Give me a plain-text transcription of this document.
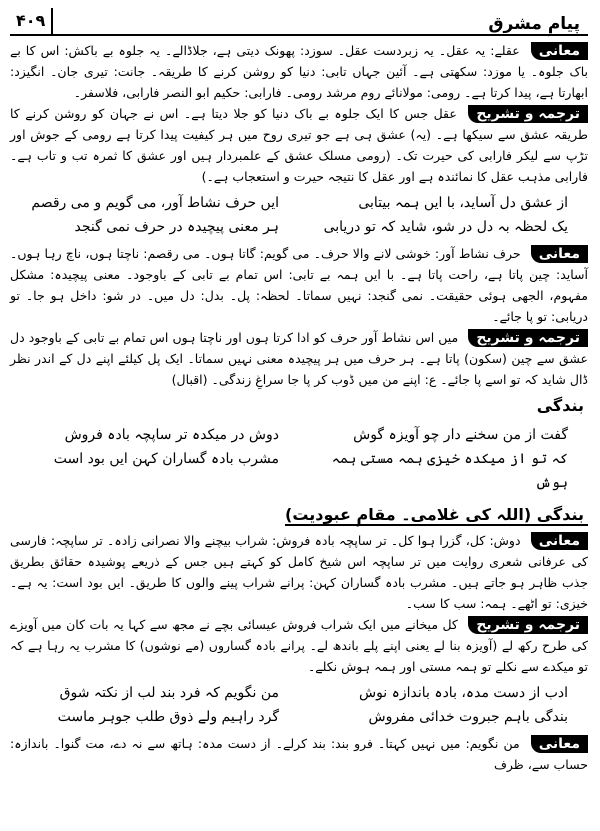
پیامِ مشرق
۴۰۹

معانی عقلے: یہ عقل۔ یہ زبردست عقل۔ سوزد: پھونک دیتی ہے، جلاڈالے۔ یہ جلوہ بے باکش: اس کا بے باک جلوہ۔ یا موزد: سکھتی ہے۔ آئین جہاں تابی: دنیا کو روشن کرنے کا طریقہ۔ جانت: تیری جان۔ انگیزد: ابھارتا ہے، پیدا کرتا ہے۔ رومی: مولانائے روم مرشد رومی۔ فارابی: حکیم ابو النصر فارابی، فلاسفر۔

ترجمہ و تشریح عقل جس کا ایک جلوہ بے باک دنیا کو جلا دیتا ہے۔ اس نے جہان کو روشن کرنے کا طریقہ عشق سے سیکھا ہے۔ (یہ) عشق ہی ہے جو تیری روح میں ہر کیفیت پیدا کرتا ہے رومی کے جوش اور تڑپ سے لیکر فارابی کی حیرت تک۔ (رومی مسلک عشق کے علمبردار ہیں اور عشق کا ثمرہ تب و تاب ہے۔ فارابی مذہب عقل کا نمائندہ ہے اور عقل کا نتیجہ حیرت و استعجاب ہے۔)

از عشق دل آساید، با ایں ہمہ بیتابی
ایں حرف نشاط آور، می گویم و می رقصم
یک لحظہ بہ دل در شو، شاید کہ تو دریابی
ہر معنی پیچیدہ در حرف نمی گنجد

معانی حرف نشاط آور: خوشی لانے والا حرف۔ می گویم: گاتا ہوں۔ می رقصم: ناچتا ہوں، ناچ رہا ہوں۔ آساید: چین پاتا ہے، راحت پاتا ہے۔ با ایں ہمہ بے تابی: اس تمام بے تابی کے باوجود۔ معنی پیچیدہ: مشکل مفہوم، الجھی ہوئی حقیقت۔ نمی گنجد: نہیں سماتا۔ لحظہ: پل۔ بدل: دل میں۔ در شو: داخل ہو جا۔ تو دریابی: تو پا جائے۔

ترجمہ و تشریح میں اس نشاط آور حرف کو ادا کرتا ہوں اور ناچتا ہوں اس تمام بے تابی کے باوجود دل عشق سے چین (سکون) پاتا ہے۔ ہر حرف میں ہر پیچیدہ معنی نہیں سماتا۔ ایک پل کیلئے اپنے دل کے اندر نظر ڈال شاید کہ تو اسے پا جائے۔ ع: اپنے من میں ڈوب کر پا جا سراغِ زندگی۔ (اقبال)

بندگی
گفت از من سخنے دار چو آویزہ گوش
دوش در میکدہ تر ساپچہ بادہ فروش
کہ تو از میکدہ خیزی ہمہ مستی ہمہ ہوش
مشرب بادہ گساران کہن ایں بود است
بندگی (اللہ کی غلامی۔ مقامِ عبودیت)

معانی دوش: کل، گزرا ہوا کل۔ تر ساپچہ بادہ فروش: شراب بیچنے والا نصرانی زادہ۔ تر ساپچہ: فارسی کی عرفانی شعری روایت میں تر ساپچہ اس شیخ کامل کو کہتے ہیں جس کے ذریعے پوشیدہ حقائق بطریق جذب ظاہر ہو جاتے ہیں۔ مشرب بادہ گساران کہن: پرانے شراب پینے والوں کا طریق۔ ایں بود است: یہ ہے۔ خیزی: تو اٹھے۔ ہمہ: سب کا سب۔

ترجمہ و تشریح کل میخانے میں ایک شراب فروش عیسائی بچے نے مجھ سے کہا یہ بات کان میں آویزے کی طرح رکھ لے (آویزہ بنا لے یعنی اپنے پلے باندھ لے۔ پرانے بادہ گساروں (مے نوشوں) کا مشرب یہ رہا ہے کہ تو میکدے سے نکلے تو ہمہ مستی اور ہمہ ہوش نکلے۔

ادب از دست مدہ، بادہ باندازہ نوش
من نگویم کہ فرد بند لب از نکتہ شوق
بندگی باہم جبروت خدائی مفروش
گرد راہیم ولے ذوق طلب جوہر ماست

معانی من نگویم: میں نہیں کہتا۔ فرو بند: بند کرلے۔ از دست مدہ: ہاتھ سے نہ دے، مت گنوا۔ باندازہ: حساب سے، ظرف
